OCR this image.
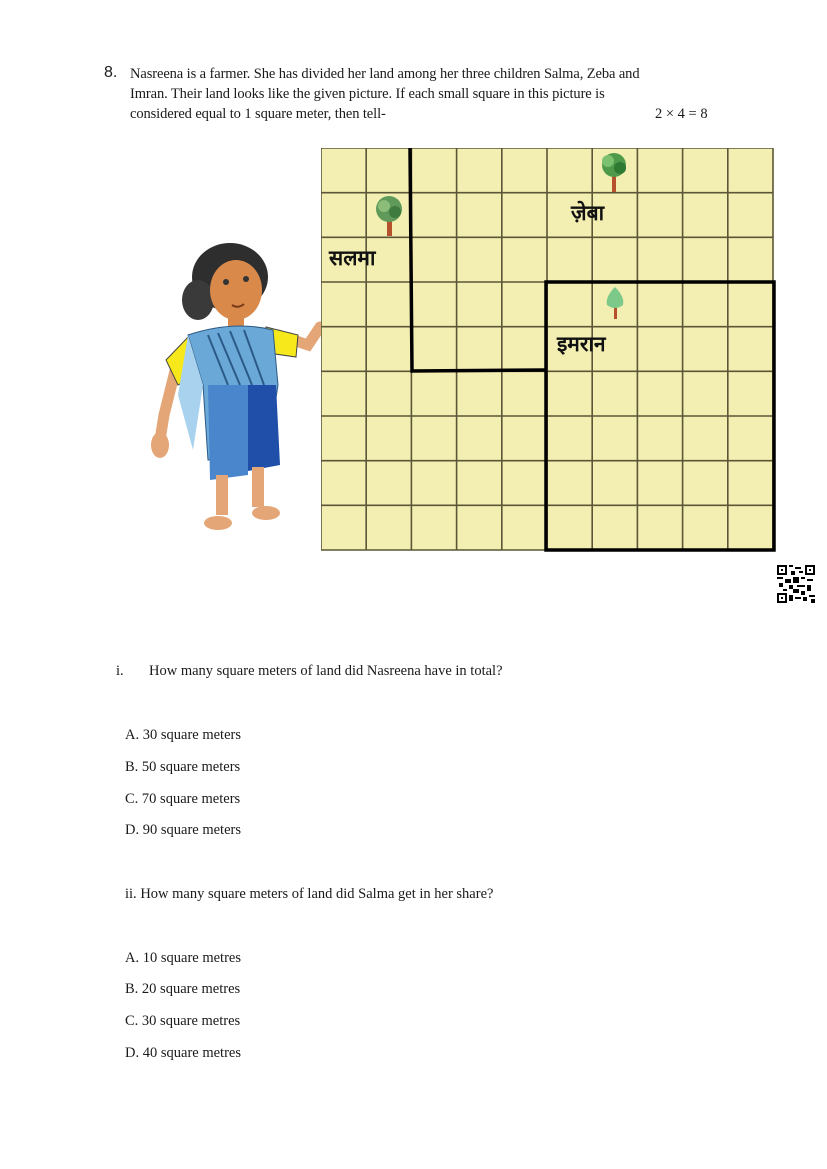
8. Nasreena is a farmer. She has divided her land among her three children Salma, Zeba and
Imran. Their land looks like the given picture. If each small square in this picture is
considered equal to 1 square meter, then tell-	2 × 4 = 8
सलमा
ज़ेबा
इमरान
i. How many square meters of land did Nasreena have in total?
A. 30 square meters
B. 50 square meters
C. 70 square meters
D. 90 square meters
ii. How many square meters of land did Salma get in her share?
A. 10 square metres
B. 20 square metres
C. 30 square metres
D. 40 square metres
